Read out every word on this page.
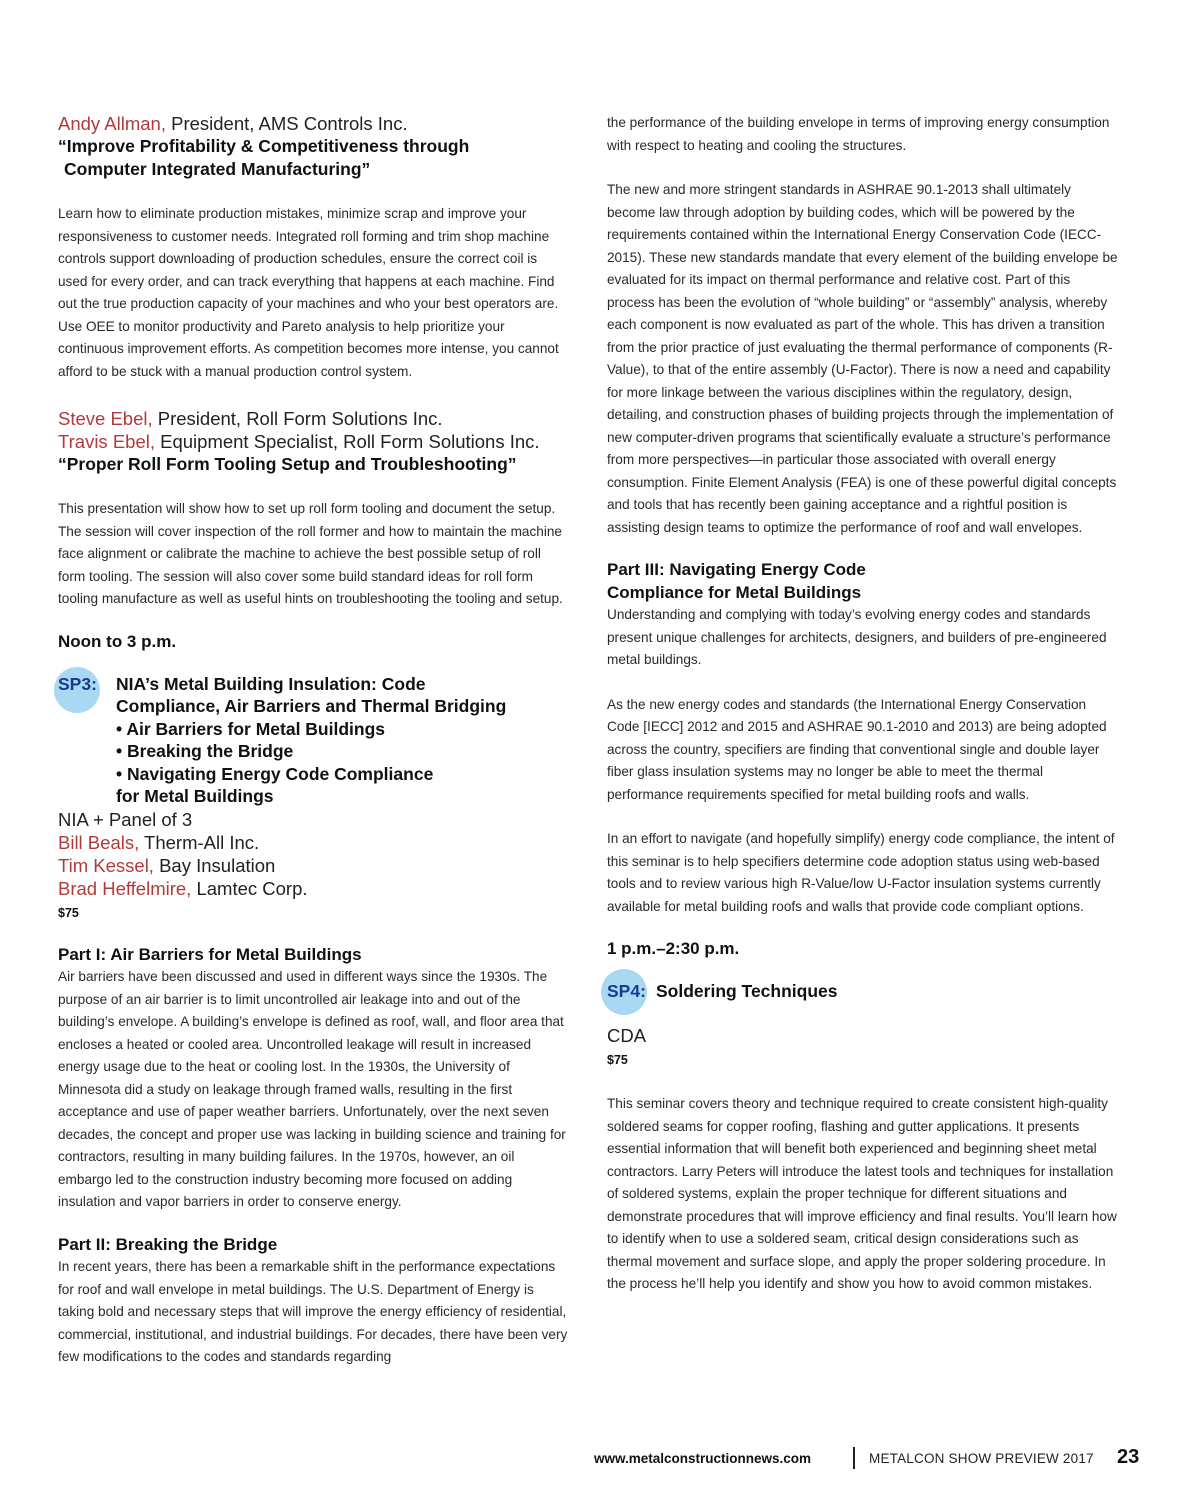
Andy Allman, President, AMS Controls Inc.

“Improve Profitability & Competitiveness through

Computer Integrated Manufacturing”

Learn how to eliminate production mistakes, minimize scrap and improve your responsiveness to customer needs. Integrated roll forming and trim shop machine controls support downloading of production schedules, ensure the correct coil is used for every order, and can track everything that happens at each machine. Find out the true production capacity of your machines and who your best operators are. Use OEE to monitor productivity and Pareto analysis to help prioritize your continuous improvement efforts. As competition becomes more intense, you cannot afford to be stuck with a manual production control system.

Steve Ebel, President, Roll Form Solutions Inc.

Travis Ebel, Equipment Specialist, Roll Form Solutions Inc.

“Proper Roll Form Tooling Setup and Troubleshooting”

This presentation will show how to set up roll form tooling and document the setup. The session will cover inspection of the roll former and how to maintain the machine face alignment or calibrate the machine to achieve the best possible setup of roll form tooling. The session will also cover some build standard ideas for roll form tooling manufacture as well as useful hints on troubleshooting the tooling and setup.

Noon to 3 p.m.

SP3: NIA’s Metal Building Insulation: Code

Compliance, Air Barriers and Thermal Bridging

• Air Barriers for Metal Buildings

• Breaking the Bridge

• Navigating Energy Code Compliance

for Metal Buildings

NIA + Panel of 3

Bill Beals, Therm-All Inc.

Tim Kessel, Bay Insulation

Brad Heffelmire, Lamtec Corp.

$75

Part I: Air Barriers for Metal Buildings

Air barriers have been discussed and used in different ways since the 1930s. The purpose of an air barrier is to limit uncontrolled air leakage into and out of the building’s envelope. A building’s envelope is defined as roof, wall, and floor area that encloses a heated or cooled area. Uncontrolled leakage will result in increased energy usage due to the heat or cooling lost. In the 1930s, the University of Minnesota did a study on leakage through framed walls, resulting in the first acceptance and use of paper weather barriers. Unfortunately, over the next seven decades, the concept and proper use was lacking in building science and training for contractors, resulting in many building failures. In the 1970s, however, an oil embargo led to the construction industry becoming more focused on adding insulation and vapor barriers in order to conserve energy.

Part II: Breaking the Bridge

In recent years, there has been a remarkable shift in the performance expectations for roof and wall envelope in metal buildings. The U.S. Department of Energy is taking bold and necessary steps that will improve the energy efficiency of residential, commercial, institutional, and industrial buildings. For decades, there have been very few modifications to the codes and standards regarding

the performance of the building envelope in terms of improving energy consumption with respect to heating and cooling the structures.

The new and more stringent standards in ASHRAE 90.1-2013 shall ultimately become law through adoption by building codes, which will be powered by the requirements contained within the International Energy Conservation Code (IECC-2015). These new standards mandate that every element of the building envelope be evaluated for its impact on thermal performance and relative cost. Part of this process has been the evolution of “whole building” or “assembly” analysis, whereby each component is now evaluated as part of the whole. This has driven a transition from the prior practice of just evaluating the thermal performance of components (R-Value), to that of the entire assembly (U-Factor). There is now a need and capability for more linkage between the various disciplines within the regulatory, design, detailing, and construction phases of building projects through the implementation of new computer-driven programs that scientifically evaluate a structure’s performance from more perspectives—in particular those associated with overall energy consumption. Finite Element Analysis (FEA) is one of these powerful digital concepts and tools that has recently been gaining acceptance and a rightful position is assisting design teams to optimize the performance of roof and wall envelopes.

Part III: Navigating Energy Code

Compliance for Metal Buildings

Understanding and complying with today’s evolving energy codes and standards present unique challenges for architects, designers, and builders of pre-engineered metal buildings.

As the new energy codes and standards (the International Energy Conservation Code [IECC] 2012 and 2015 and ASHRAE 90.1-2010 and 2013) are being adopted across the country, specifiers are finding that conventional single and double layer fiber glass insulation systems may no longer be able to meet the thermal performance requirements specified for metal building roofs and walls.

In an effort to navigate (and hopefully simplify) energy code compliance, the intent of this seminar is to help specifiers determine code adoption status using web-based tools and to review various high R-Value/low U-Factor insulation systems currently available for metal building roofs and walls that provide code compliant options.

1 p.m.–2:30 p.m.

SP4: Soldering Techniques

CDA

$75

This seminar covers theory and technique required to create consistent high-quality soldered seams for copper roofing, flashing and gutter applications. It presents essential information that will benefit both experienced and beginning sheet metal contractors. Larry Peters will introduce the latest tools and techniques for installation of soldered systems, explain the proper technique for different situations and demonstrate procedures that will improve efficiency and final results. You’ll learn how to identify when to use a soldered seam, critical design considerations such as thermal movement and surface slope, and apply the proper soldering procedure. In the process he’ll help you identify and show you how to avoid common mistakes.

www.metalconstructionnews.com	METALCON SHOW PREVIEW 2017 23
